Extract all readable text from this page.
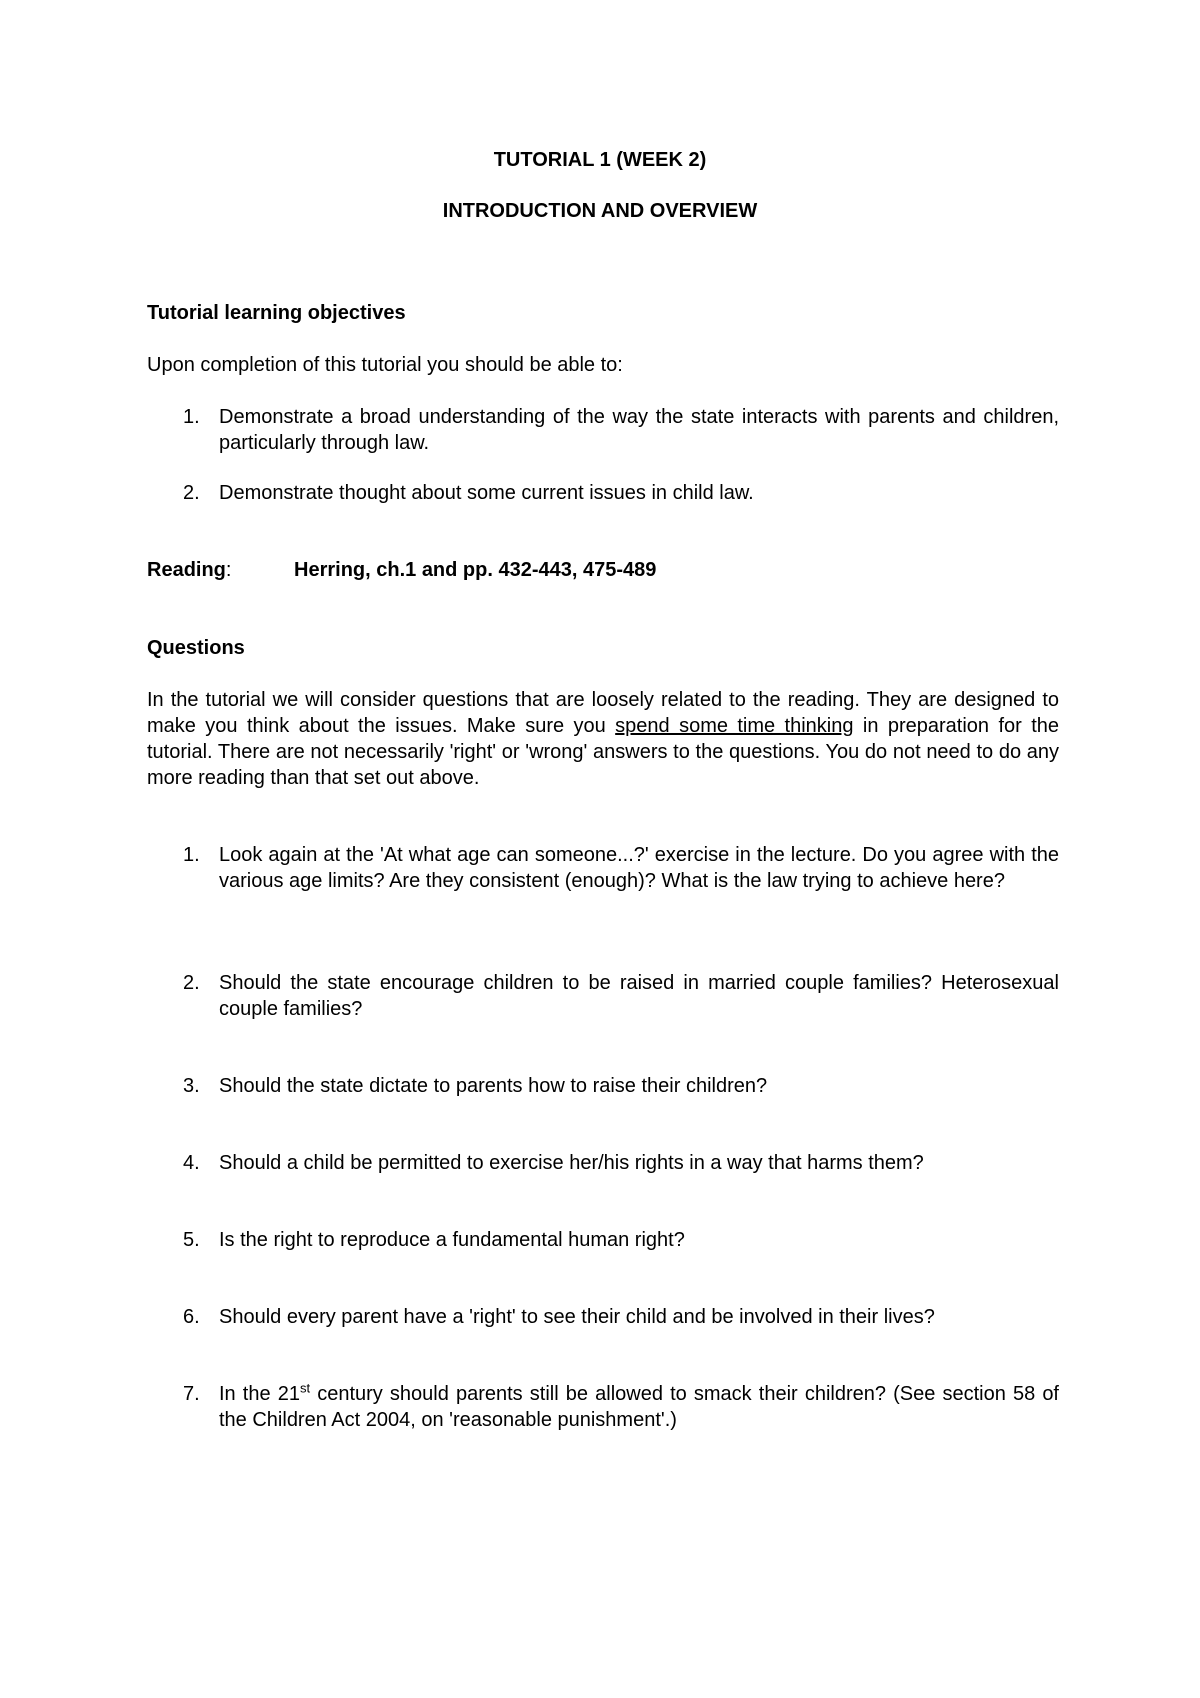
TUTORIAL 1 (WEEK 2)
INTRODUCTION AND OVERVIEW
Tutorial learning objectives
Upon completion of this tutorial you should be able to:
1. Demonstrate a broad understanding of the way the state interacts with parents and children, particularly through law.
2. Demonstrate thought about some current issues in child law.
Reading:	Herring, ch.1 and pp. 432-443, 475-489
Questions
In the tutorial we will consider questions that are loosely related to the reading. They are designed to make you think about the issues. Make sure you spend some time thinking in preparation for the tutorial. There are not necessarily 'right' or 'wrong' answers to the questions. You do not need to do any more reading than that set out above.
1. Look again at the 'At what age can someone...?' exercise in the lecture. Do you agree with the various age limits? Are they consistent (enough)? What is the law trying to achieve here?
2. Should the state encourage children to be raised in married couple families? Heterosexual couple families?
3. Should the state dictate to parents how to raise their children?
4. Should a child be permitted to exercise her/his rights in a way that harms them?
5. Is the right to reproduce a fundamental human right?
6. Should every parent have a 'right' to see their child and be involved in their lives?
7. In the 21st century should parents still be allowed to smack their children? (See section 58 of the Children Act 2004, on 'reasonable punishment'.)
